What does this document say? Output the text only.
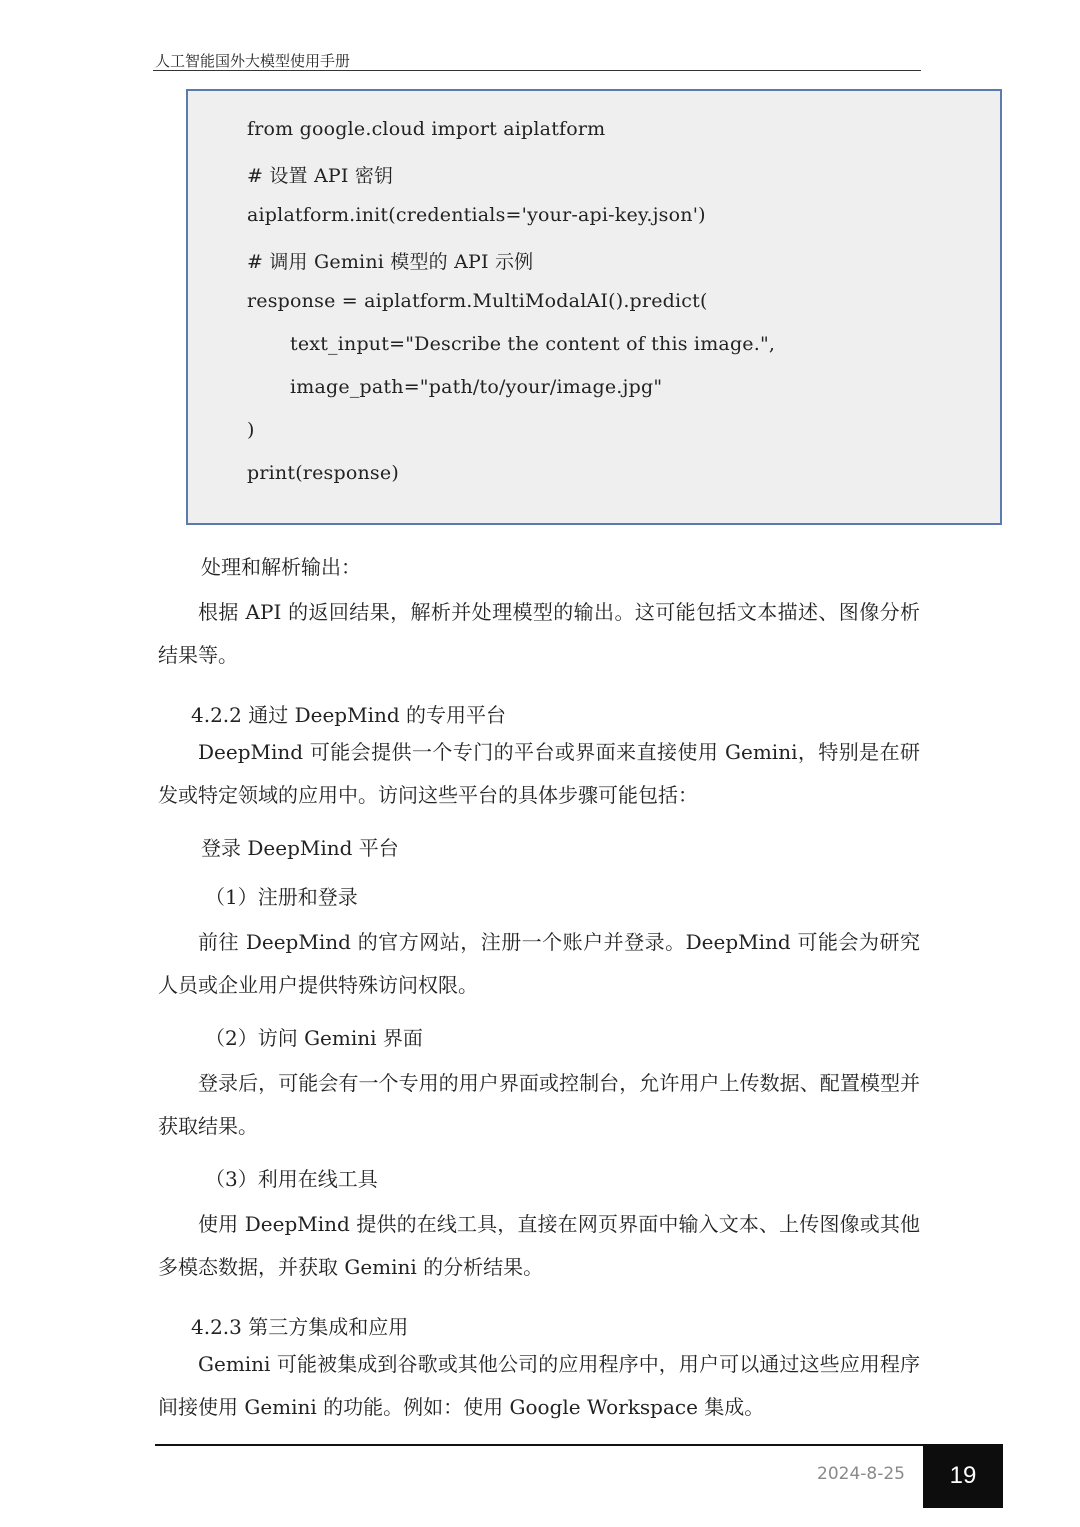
人工智能国外大模型使用手册
from google.cloud import aiplatform
# 设置 API 密钥
aiplatform.init(credentials='your-api-key.json')
# 调用 Gemini 模型的 API 示例
response = aiplatform.MultiModalAI().predict(
text_input="Describe the content of this image.",
image_path="path/to/your/image.jpg"
)
print(response)
处理和解析输出：

根据 API 的返回结果，解析并处理模型的输出。这可能包括文本描述、图像分析结果等。

4.2.2 通过 DeepMind 的专用平台

DeepMind 可能会提供一个专门的平台或界面来直接使用 Gemini，特别是在研发或特定领域的应用中。访问这些平台的具体步骤可能包括：

登录 DeepMind 平台
（1）注册和登录

前往 DeepMind 的官方网站，注册一个账户并登录。DeepMind 可能会为研究人员或企业用户提供特殊访问权限。

（2）访问 Gemini 界面

登录后，可能会有一个专用的用户界面或控制台，允许用户上传数据、配置模型并获取结果。

（3）利用在线工具

使用 DeepMind 提供的在线工具，直接在网页界面中输入文本、上传图像或其他多模态数据，并获取 Gemini 的分析结果。

4.2.3 第三方集成和应用

Gemini 可能被集成到谷歌或其他公司的应用程序中，用户可以通过这些应用程序间接使用 Gemini 的功能。例如：使用 Google Workspace 集成。

2024-8-25	19
